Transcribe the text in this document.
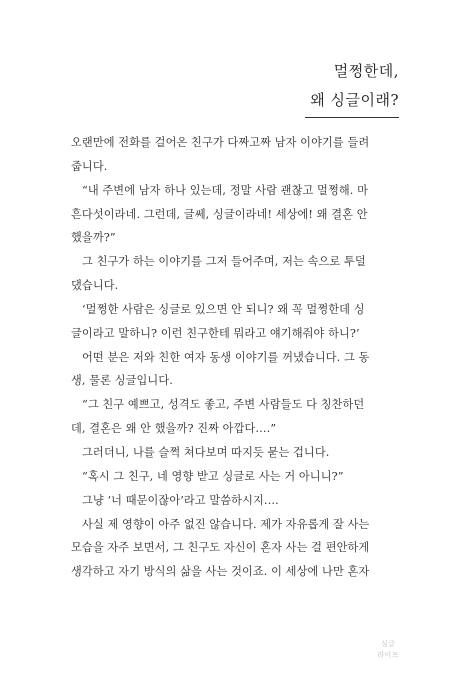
멀쩡한데,
왜 싱글이래?

오랜만에 전화를 걸어온 친구가 다짜고짜 남자 이야기를 들려
줍니다.

“내 주변에 남자 하나 있는데, 정말 사람 괜찮고 멀쩡해. 마
흔다섯이라네. 그런데, 글쎄, 싱글이라네! 세상에! 왜 결혼 안
했을까?”

그 친구가 하는 이야기를 그저 들어주며, 저는 속으로 투덜
댔습니다.

‘멀쩡한 사람은 싱글로 있으면 안 되니? 왜 꼭 멀쩡한데 싱
글이라고 말하니? 이런 친구한테 뭐라고 얘기해줘야 하니?’

어떤 분은 저와 친한 여자 동생 이야기를 꺼냈습니다. 그 동
생, 물론 싱글입니다.

“그 친구 예쁘고, 성격도 좋고, 주변 사람들도 다 칭찬하던
데, 결혼은 왜 안 했을까? 진짜 아깝다….”

그러더니, 나를 슬쩍 쳐다보며 따지듯 묻는 겁니다.

“혹시 그 친구, 네 영향 받고 싱글로 사는 거 아니니?”

그냥 ‘너 때문이잖아’라고 말씀하시지….

사실 제 영향이 아주 없진 않습니다. 제가 자유롭게 잘 사는
모습을 자주 보면서, 그 친구도 자신이 혼자 사는 걸 편안하게
생각하고 자기 방식의 삶을 사는 것이죠. 이 세상에 나만 혼자

싱글
라이프
